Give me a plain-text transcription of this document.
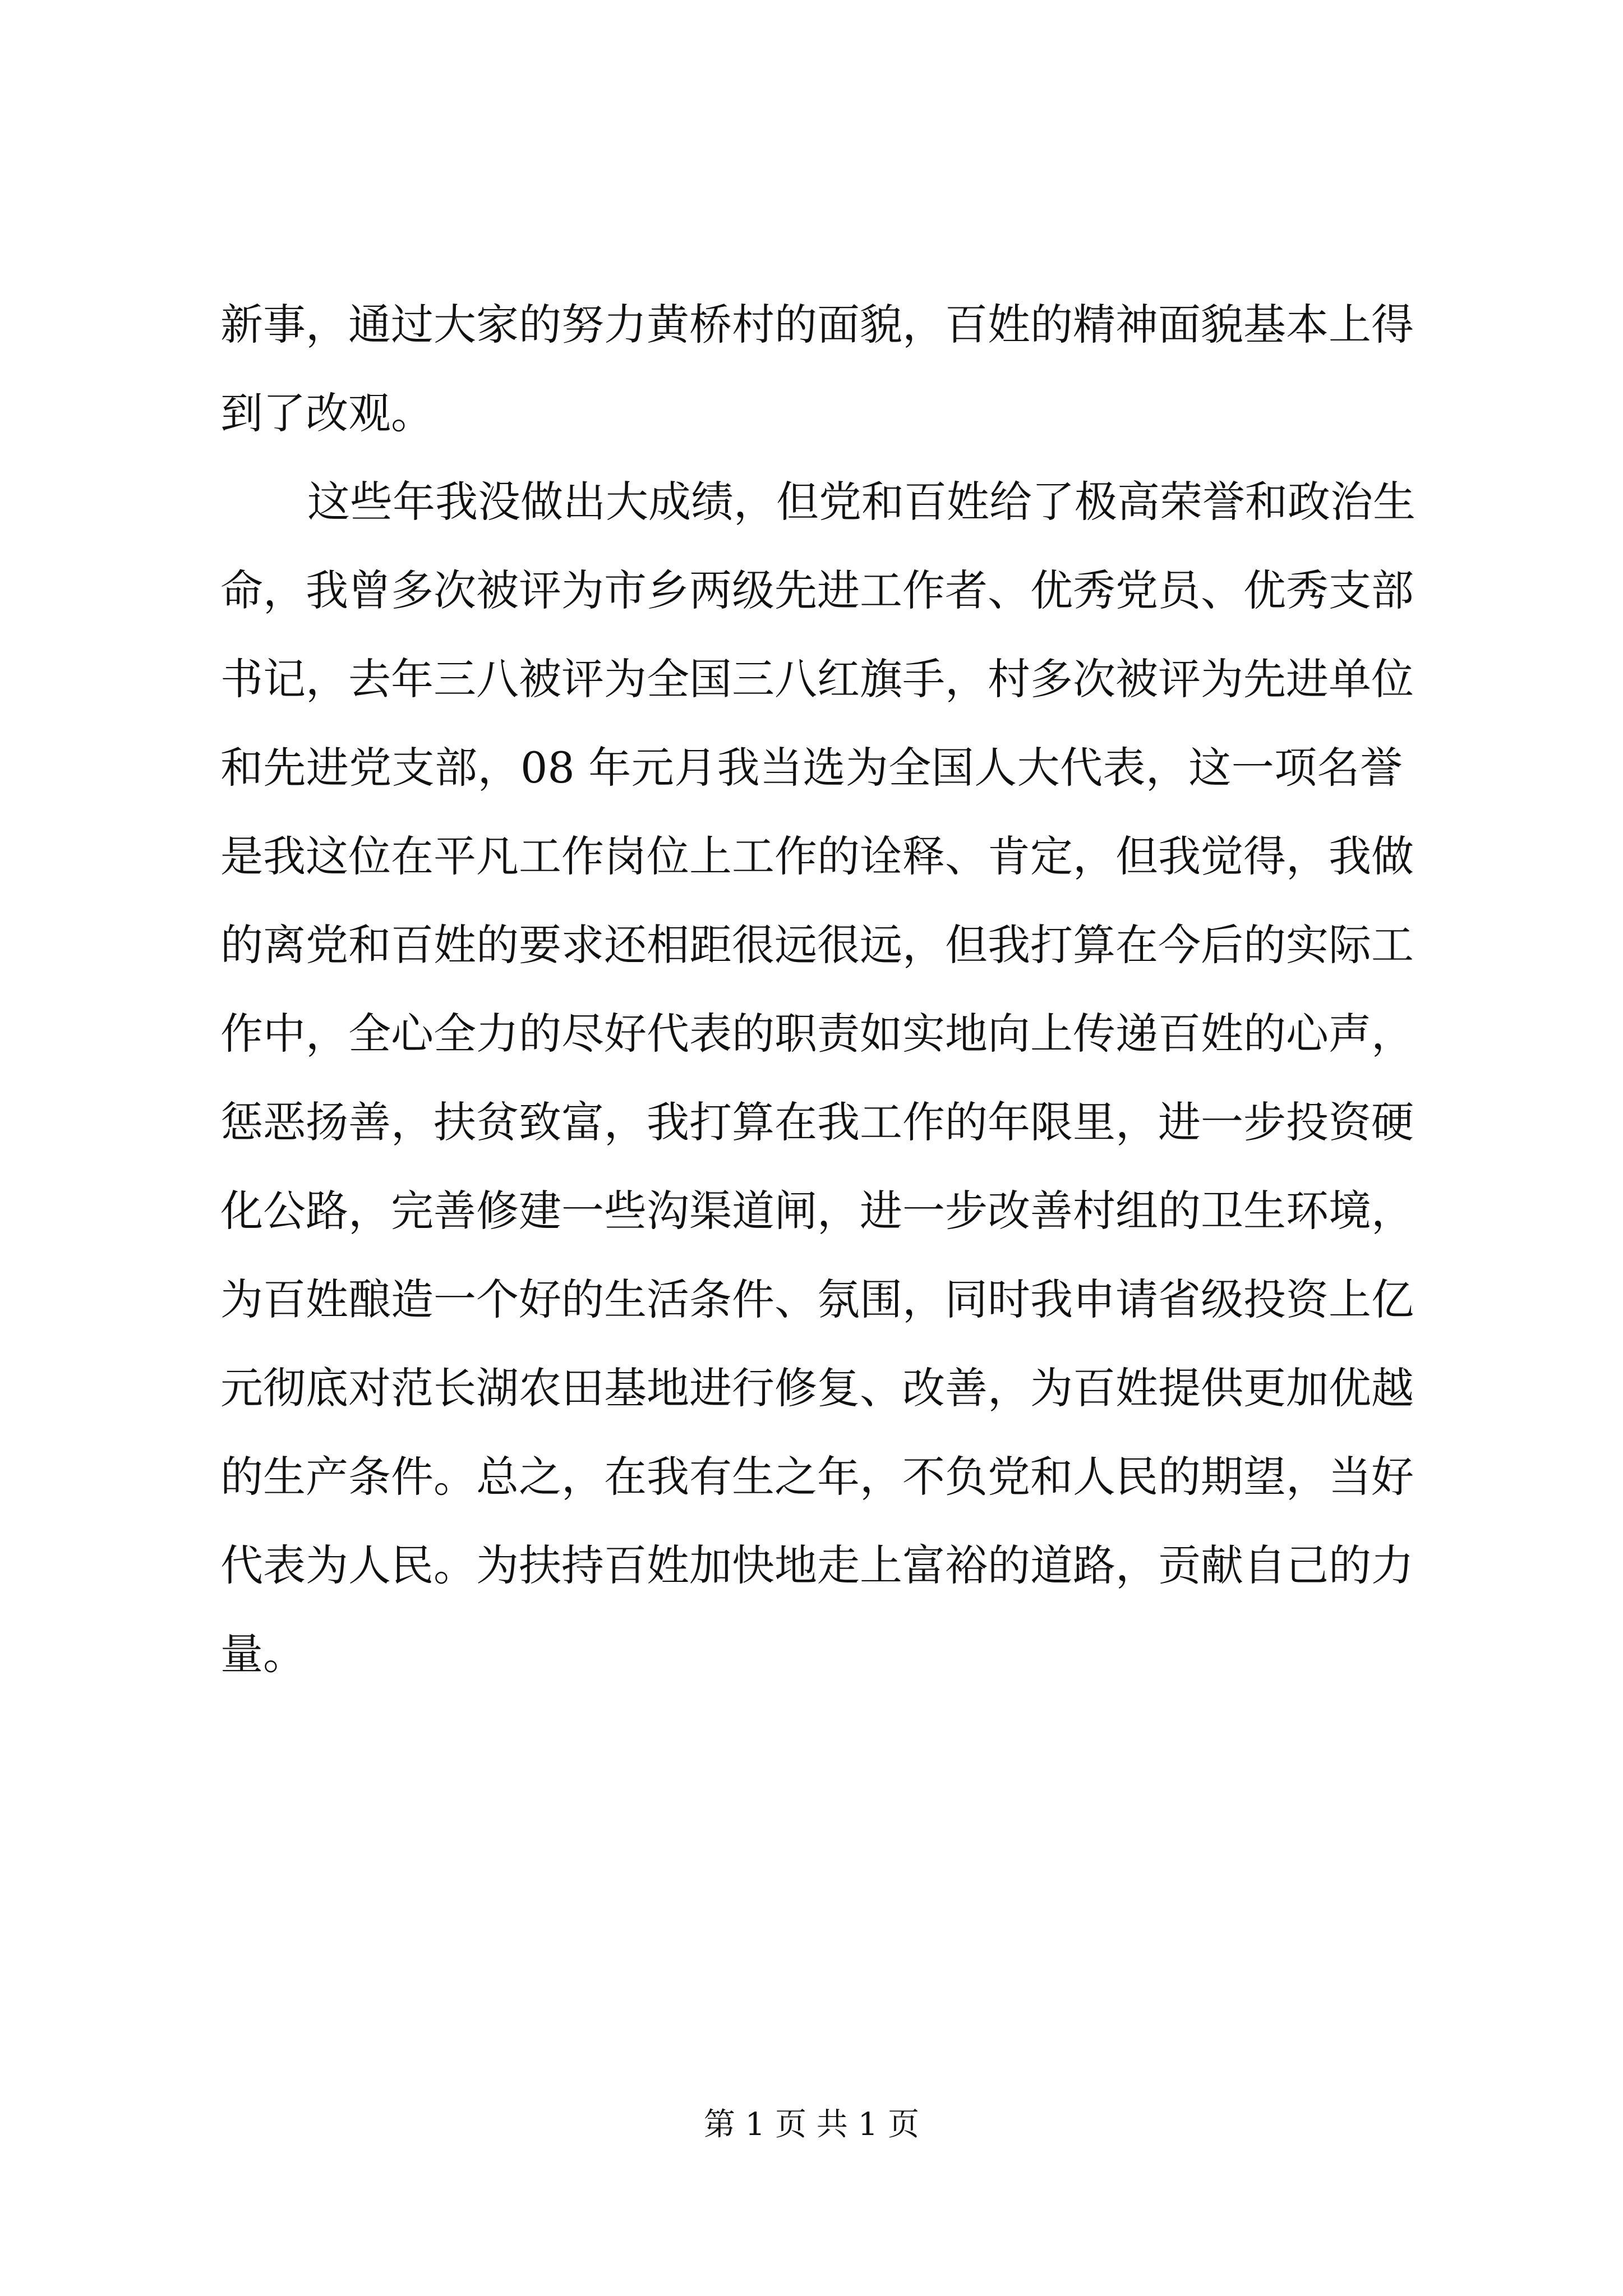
新事，通过大家的努力黄桥村的面貌，百姓的精神面貌基本上得
到了改观。
这些年我没做出大成绩，但党和百姓给了极高荣誉和政治生
命，我曾多次被评为市乡两级先进工作者、优秀党员、优秀支部
书记，去年三八被评为全国三八红旗手，村多次被评为先进单位
和先进党支部，08 年元月我当选为全国人大代表，这一项名誉
是我这位在平凡工作岗位上工作的诠释、肯定，但我觉得，我做
的离党和百姓的要求还相距很远很远，但我打算在今后的实际工
作中，全心全力的尽好代表的职责如实地向上传递百姓的心声，
惩恶扬善，扶贫致富，我打算在我工作的年限里，进一步投资硬
化公路，完善修建一些沟渠道闸，进一步改善村组的卫生环境，
为百姓酿造一个好的生活条件、氛围，同时我申请省级投资上亿
元彻底对范长湖农田基地进行修复、改善，为百姓提供更加优越
的生产条件。总之，在我有生之年，不负党和人民的期望，当好
代表为人民。为扶持百姓加快地走上富裕的道路，贡献自己的力
量。
第 1 页 共 1 页
